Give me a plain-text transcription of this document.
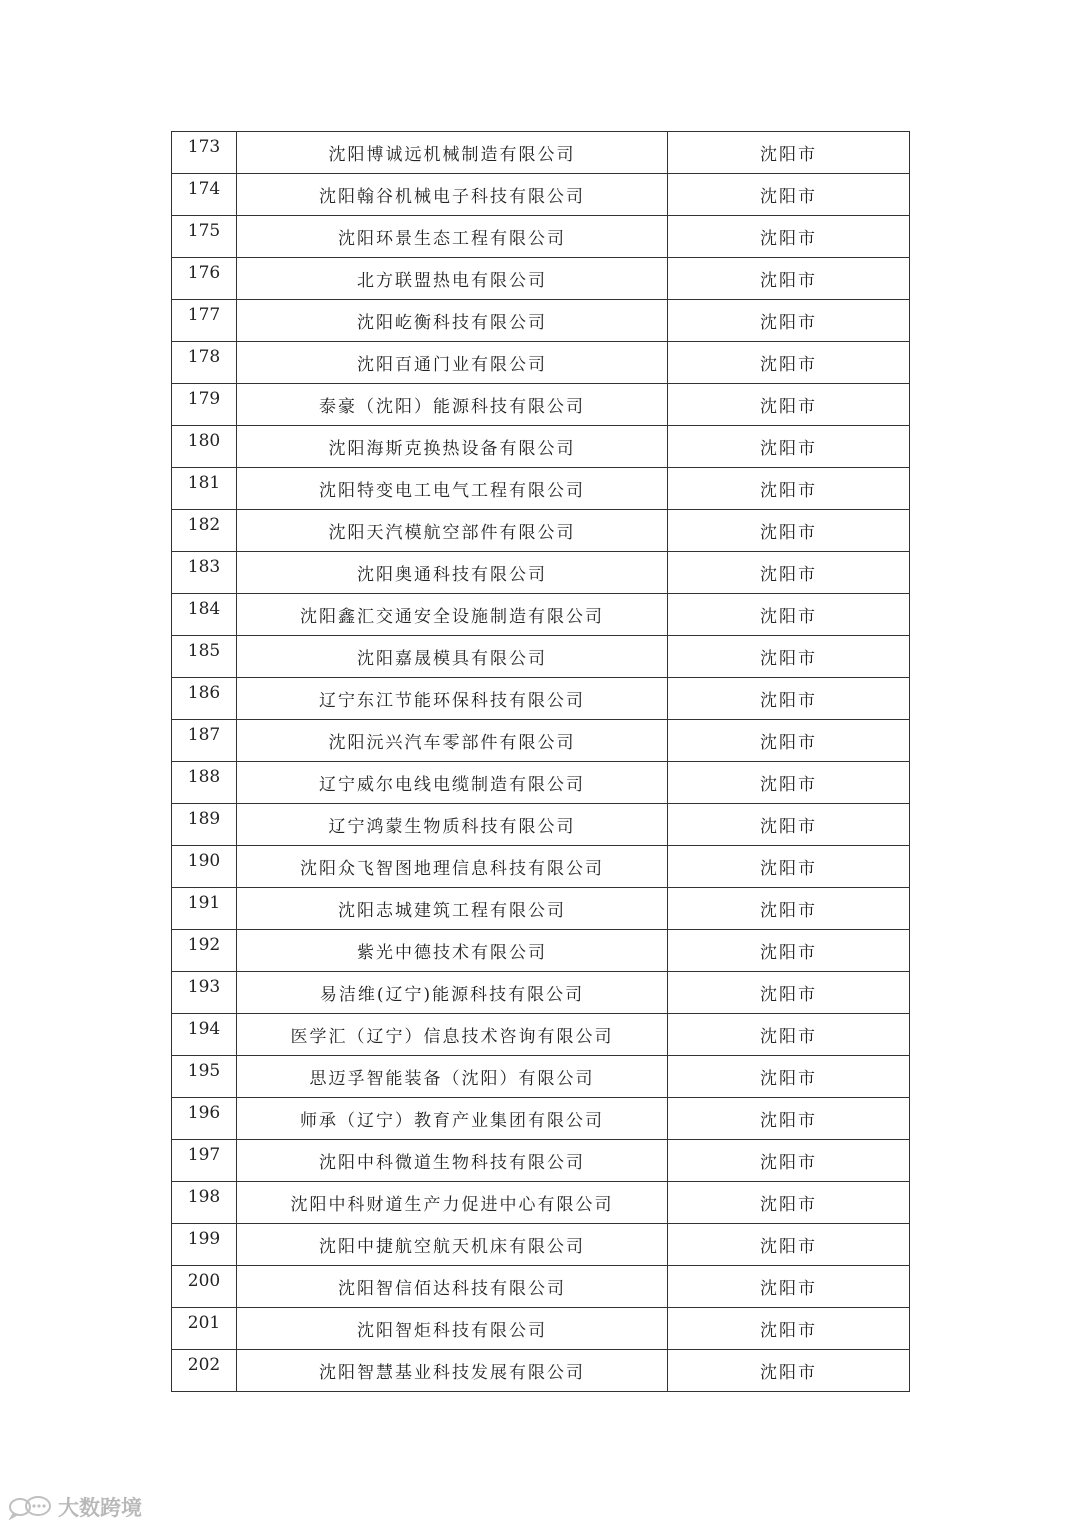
173	沈阳博诚远机械制造有限公司	沈阳市
174	沈阳翰谷机械电子科技有限公司	沈阳市
175	沈阳环景生态工程有限公司	沈阳市
176	北方联盟热电有限公司	沈阳市
177	沈阳屹衡科技有限公司	沈阳市
178	沈阳百通门业有限公司	沈阳市
179	泰豪（沈阳）能源科技有限公司	沈阳市
180	沈阳海斯克换热设备有限公司	沈阳市
181	沈阳特变电工电气工程有限公司	沈阳市
182	沈阳天汽模航空部件有限公司	沈阳市
183	沈阳奥通科技有限公司	沈阳市
184	沈阳鑫汇交通安全设施制造有限公司	沈阳市
185	沈阳嘉晟模具有限公司	沈阳市
186	辽宁东江节能环保科技有限公司	沈阳市
187	沈阳沅兴汽车零部件有限公司	沈阳市
188	辽宁威尔电线电缆制造有限公司	沈阳市
189	辽宁鸿蒙生物质科技有限公司	沈阳市
190	沈阳众飞智图地理信息科技有限公司	沈阳市
191	沈阳志城建筑工程有限公司	沈阳市
192	紫光中德技术有限公司	沈阳市
193	易洁维(辽宁)能源科技有限公司	沈阳市
194	医学汇（辽宁）信息技术咨询有限公司	沈阳市
195	思迈孚智能装备（沈阳）有限公司	沈阳市
196	师承（辽宁）教育产业集团有限公司	沈阳市
197	沈阳中科微道生物科技有限公司	沈阳市
198	沈阳中科财道生产力促进中心有限公司	沈阳市
199	沈阳中捷航空航天机床有限公司	沈阳市
200	沈阳智信佰达科技有限公司	沈阳市
201	沈阳智炬科技有限公司	沈阳市
202	沈阳智慧基业科技发展有限公司	沈阳市
大数跨境
